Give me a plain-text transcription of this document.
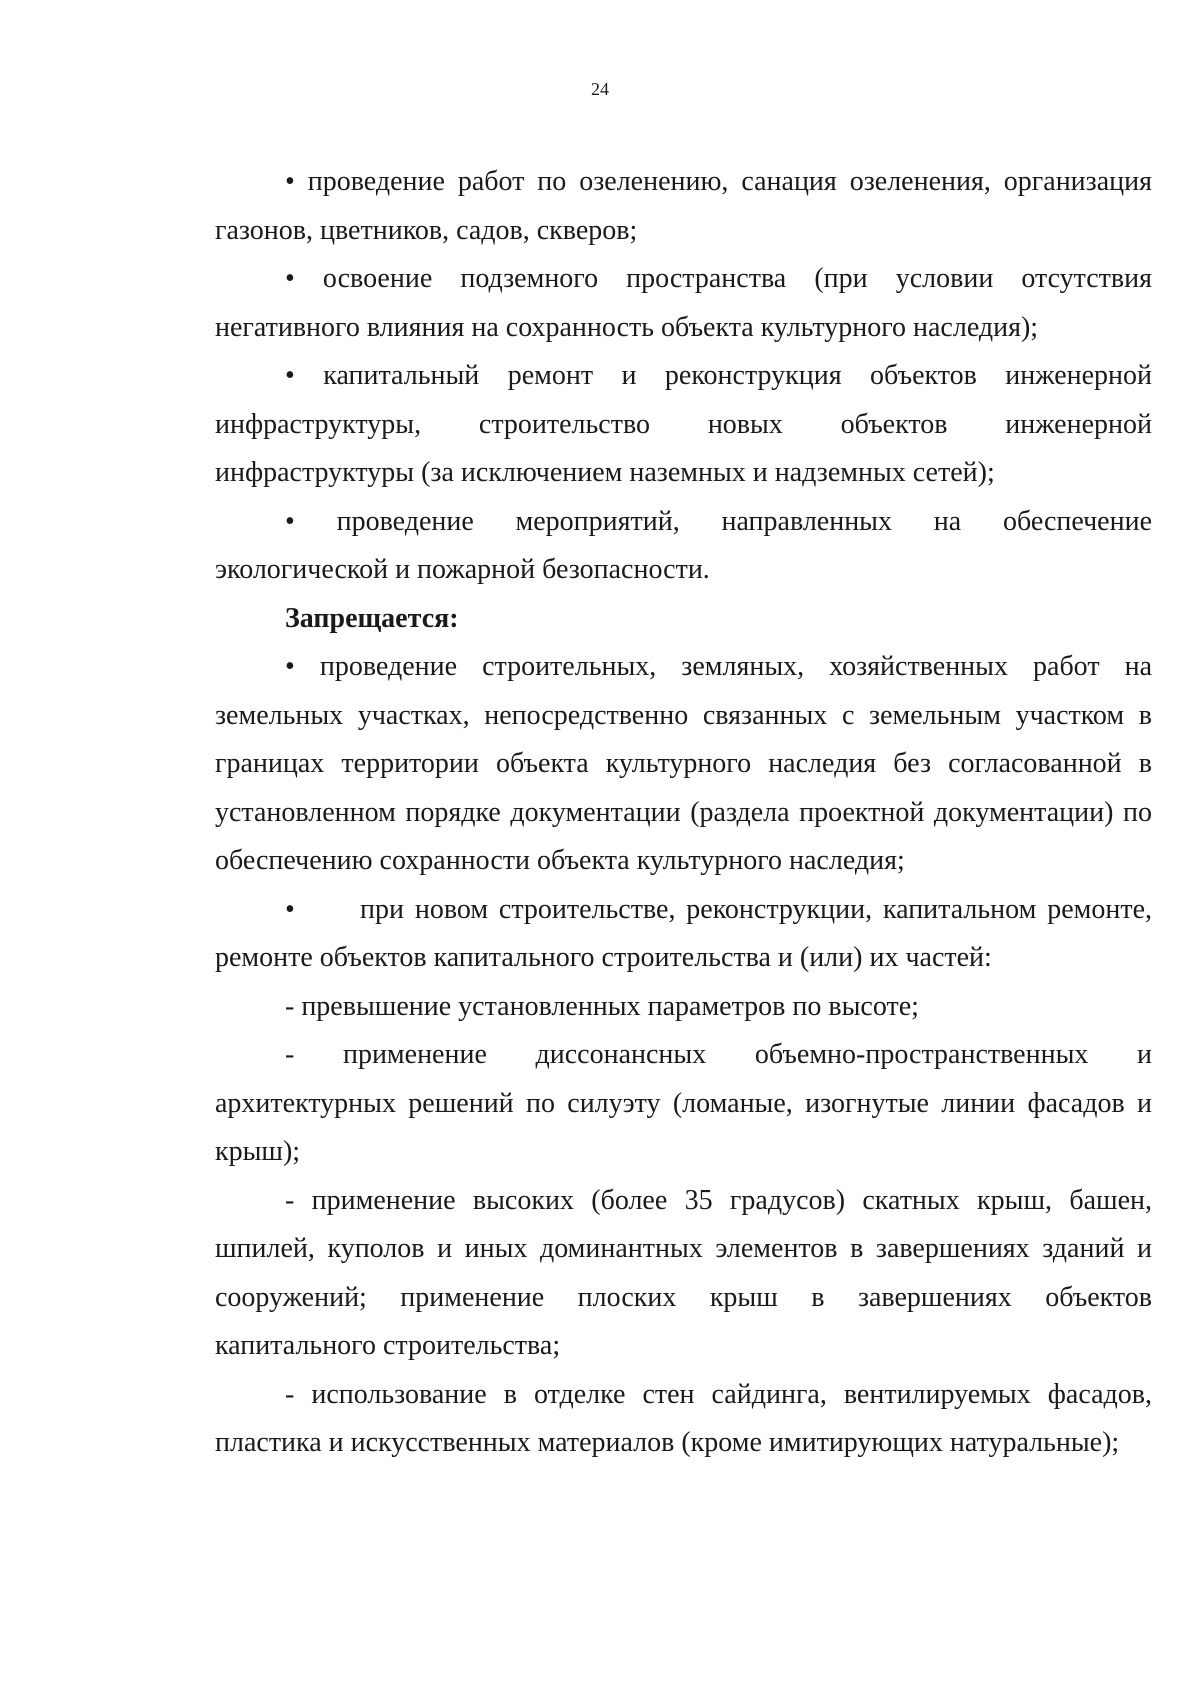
24

• проведение работ по озеленению, санация озеленения, организация газонов, цветников, садов, скверов;

• освоение подземного пространства (при условии отсутствия негативного влияния на сохранность объекта культурного наследия);

• капитальный ремонт и реконструкция объектов инженерной инфраструктуры, строительство новых объектов инженерной инфраструктуры (за исключением наземных и надземных сетей);

• проведение мероприятий, направленных на обеспечение экологической и пожарной безопасности.

Запрещается:

• проведение строительных, земляных, хозяйственных работ на земельных участках, непосредственно связанных с земельным участком в границах территории объекта культурного наследия без согласованной в установленном порядке документации (раздела проектной документации) по обеспечению сохранности объекта культурного наследия;

• при новом строительстве, реконструкции, капитальном ремонте, ремонте объектов капитального строительства и (или) их частей:

- превышение установленных параметров по высоте;

- применение диссонансных объемно-пространственных и архитектурных решений по силуэту (ломаные, изогнутые линии фасадов и крыш);

- применение высоких (более 35 градусов) скатных крыш, башен, шпилей, куполов и иных доминантных элементов в завершениях зданий и сооружений; применение плоских крыш в завершениях объектов капитального строительства;

- использование в отделке стен сайдинга, вентилируемых фасадов, пластика и искусственных материалов (кроме имитирующих натуральные);
